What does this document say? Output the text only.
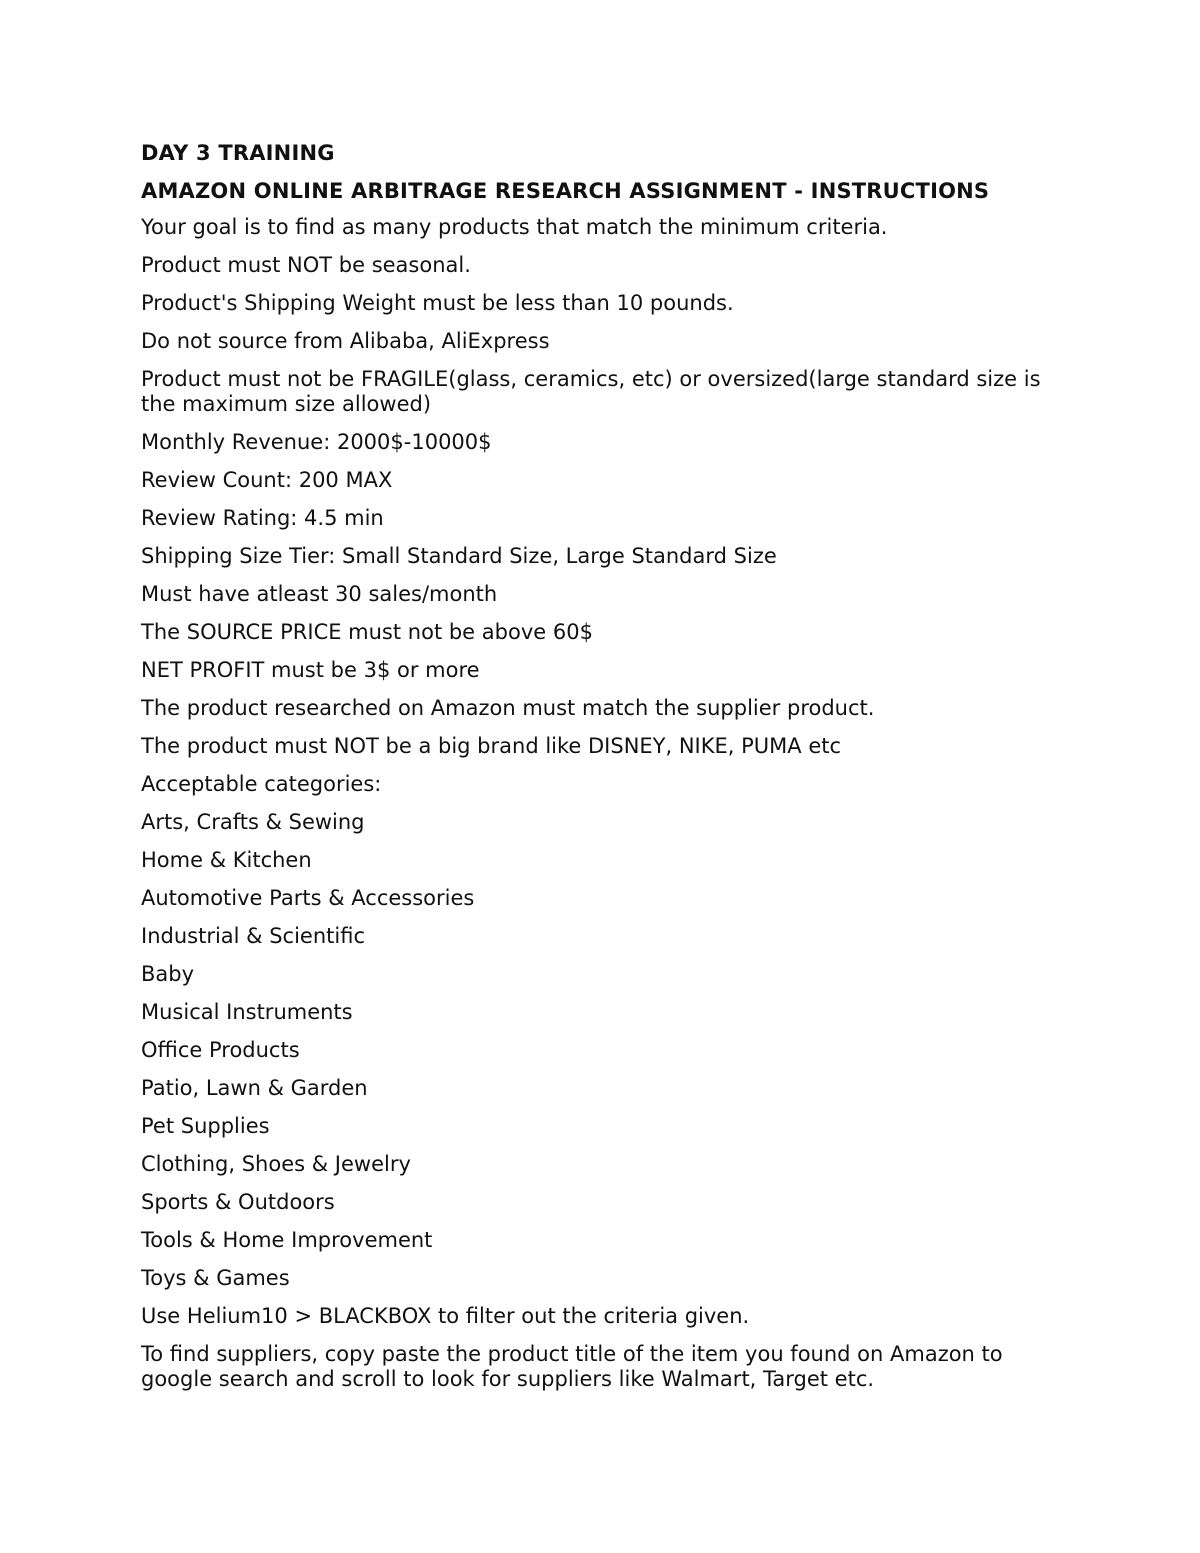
DAY 3 TRAINING
AMAZON ONLINE ARBITRAGE RESEARCH ASSIGNMENT - INSTRUCTIONS
Your goal is to find as many products that match the minimum criteria.
Product must NOT be seasonal.
Product's Shipping Weight must be less than 10 pounds.
Do not source from Alibaba, AliExpress
Product must not be FRAGILE(glass, ceramics, etc) or oversized(large standard size is the maximum size allowed)
Monthly Revenue: 2000$-10000$
Review Count: 200 MAX
Review Rating: 4.5 min
Shipping Size Tier: Small Standard Size, Large Standard Size
Must have atleast 30 sales/month
The SOURCE PRICE must not be above 60$
NET PROFIT must be 3$ or more
The product researched on Amazon must match the supplier product.
The product must NOT be a big brand like DISNEY, NIKE, PUMA etc
Acceptable categories:
Arts, Crafts & Sewing
Home & Kitchen
Automotive Parts & Accessories
Industrial & Scientific
Baby
Musical Instruments
Office Products
Patio, Lawn & Garden
Pet Supplies
Clothing, Shoes & Jewelry
Sports & Outdoors
Tools & Home Improvement
Toys & Games
Use Helium10 > BLACKBOX to filter out the criteria given.
To find suppliers, copy paste the product title of the item you found on Amazon to google search and scroll to look for suppliers like Walmart, Target etc.
